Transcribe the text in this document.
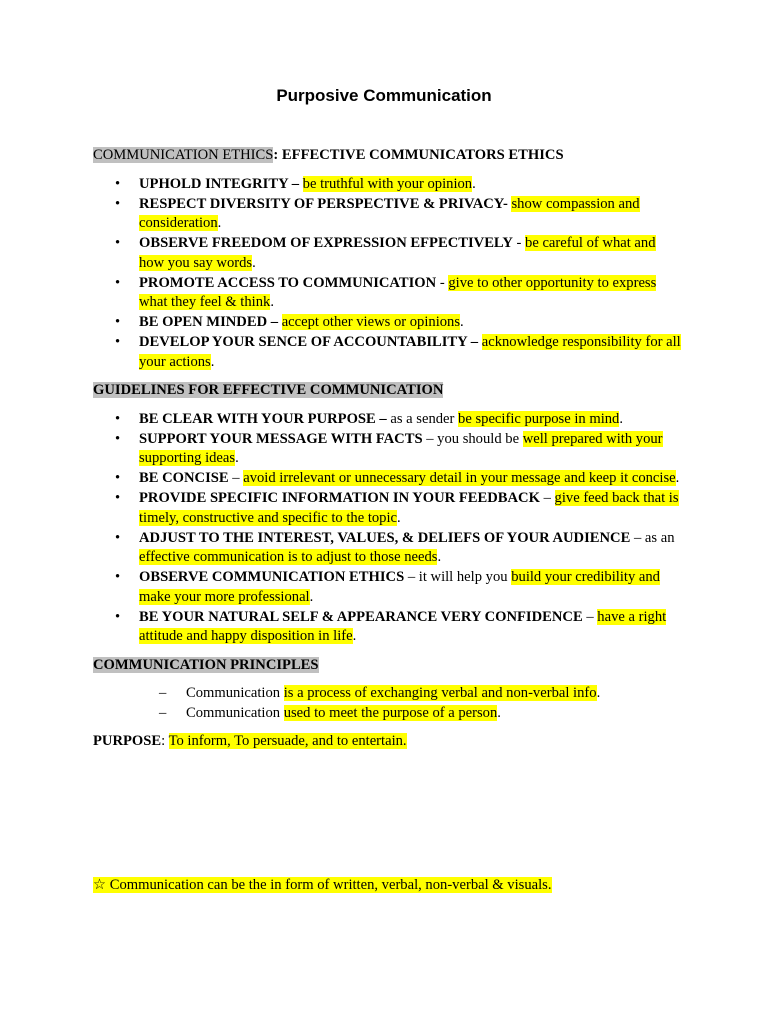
Purposive Communication

COMMUNICATION ETHICS: EFFECTIVE COMMUNICATORS ETHICS

• UPHOLD INTEGRITY – be truthful with your opinion.
• RESPECT DIVERSITY OF PERSPECTIVE & PRIVACY- show compassion and consideration.
• OBSERVE FREEDOM OF EXPRESSION EFPECTIVELY - be careful of what and how you say words.
• PROMOTE ACCESS TO COMMUNICATION - give to other opportunity to express what they feel & think.
• BE OPEN MINDED – accept other views or opinions.
• DEVELOP YOUR SENCE OF ACCOUNTABILITY – acknowledge responsibility for all your actions.

GUIDELINES FOR EFFECTIVE COMMUNICATION

• BE CLEAR WITH YOUR PURPOSE – as a sender be specific purpose in mind.
• SUPPORT YOUR MESSAGE WITH FACTS – you should be well prepared with your supporting ideas.
• BE CONCISE – avoid irrelevant or unnecessary detail in your message and keep it concise.
• PROVIDE SPECIFIC INFORMATION IN YOUR FEEDBACK – give feed back that is timely, constructive and specific to the topic.
• ADJUST TO THE INTEREST, VALUES, & DELIEFS OF YOUR AUDIENCE – as an effective communication is to adjust to those needs.
• OBSERVE COMMUNICATION ETHICS – it will help you build your credibility and make your more professional.
• BE YOUR NATURAL SELF & APPEARANCE VERY CONFIDENCE – have a right attitude and happy disposition in life.

COMMUNICATION PRINCIPLES

– Communication is a process of exchanging verbal and non-verbal info.
– Communication used to meet the purpose of a person.

PURPOSE: To inform, To persuade, and to entertain.

☆ Communication can be the in form of written, verbal, non-verbal & visuals.
